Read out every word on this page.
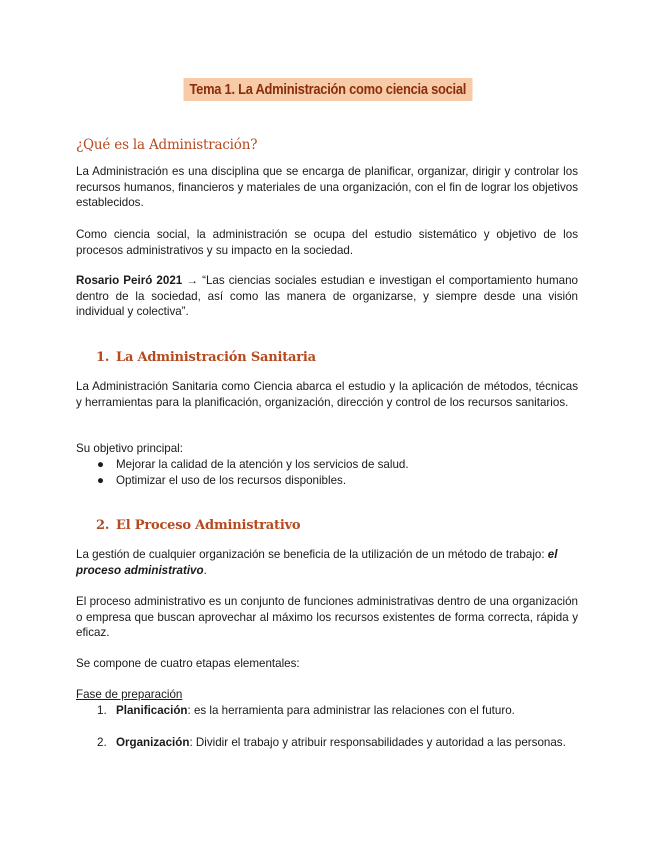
Tema 1. La Administración como ciencia social
¿Qué es la Administración?
La Administración es una disciplina que se encarga de planificar, organizar, dirigir y controlar los recursos humanos, financieros y materiales de una organización, con el fin de lograr los objetivos establecidos.
Como ciencia social, la administración se ocupa del estudio sistemático y objetivo de los procesos administrativos y su impacto en la sociedad.
Rosario Peiró 2021 → “Las ciencias sociales estudian e investigan el comportamiento humano dentro de la sociedad, así como las manera de organizarse, y siempre desde una visión individual y colectiva”.
1. La Administración Sanitaria
La Administración Sanitaria como Ciencia abarca el estudio y la aplicación de métodos, técnicas y herramientas para la planificación, organización, dirección y control de los recursos sanitarios.
Su objetivo principal:
● Mejorar la calidad de la atención y los servicios de salud.
● Optimizar el uso de los recursos disponibles.
2. El Proceso Administrativo
La gestión de cualquier organización se beneficia de la utilización de un método de trabajo: el proceso administrativo.
El proceso administrativo es un conjunto de funciones administrativas dentro de una organización o empresa que buscan aprovechar al máximo los recursos existentes de forma correcta, rápida y eficaz.
Se compone de cuatro etapas elementales:
Fase de preparación
1. Planificación: es la herramienta para administrar las relaciones con el futuro.
2. Organización: Dividir el trabajo y atribuir responsabilidades y autoridad a las personas.
